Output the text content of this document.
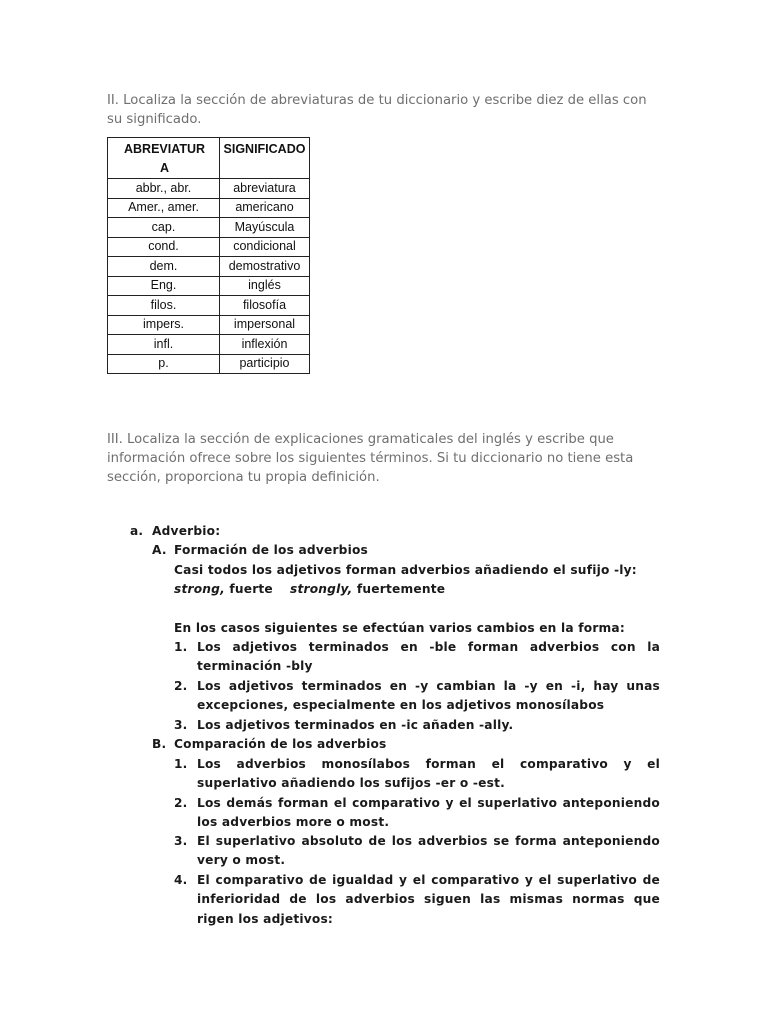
II. Localiza la sección de abreviaturas de tu diccionario y escribe diez de ellas con
su significado.
ABREVIATUR
A	SIGNIFICADO
abbr., abr.	abreviatura
Amer., amer.	americano
cap.	Mayúscula
cond.	condicional
dem.	demostrativo
Eng.	inglés
filos.	filosofía
impers.	impersonal
infl.	inflexión
p.	participio
III. Localiza la sección de explicaciones gramaticales del inglés y escribe que
información ofrece sobre los siguientes términos. Si tu diccionario no tiene esta
sección, proporciona tu propia definición.
a. Adverbio:
A. Formación de los adverbios
Casi todos los adjetivos forman adverbios añadiendo el sufijo -ly:
strong, fuerte strongly, fuertemente
En los casos siguientes se efectúan varios cambios en la forma:
1. Los adjetivos terminados en -ble forman adverbios con la
terminación -bly
2. Los adjetivos terminados en -y cambian la -y en -i, hay unas
excepciones, especialmente en los adjetivos monosílabos
3. Los adjetivos terminados en -ic añaden -ally.
B. Comparación de los adverbios
1. Los adverbios monosílabos forman el comparativo y el
superlativo añadiendo los sufijos -er o -est.
2. Los demás forman el comparativo y el superlativo anteponiendo
los adverbios more o most.
3. El superlativo absoluto de los adverbios se forma anteponiendo
very o most.
4. El comparativo de igualdad y el comparativo y el superlativo de
inferioridad de los adverbios siguen las mismas normas que
rigen los adjetivos:
